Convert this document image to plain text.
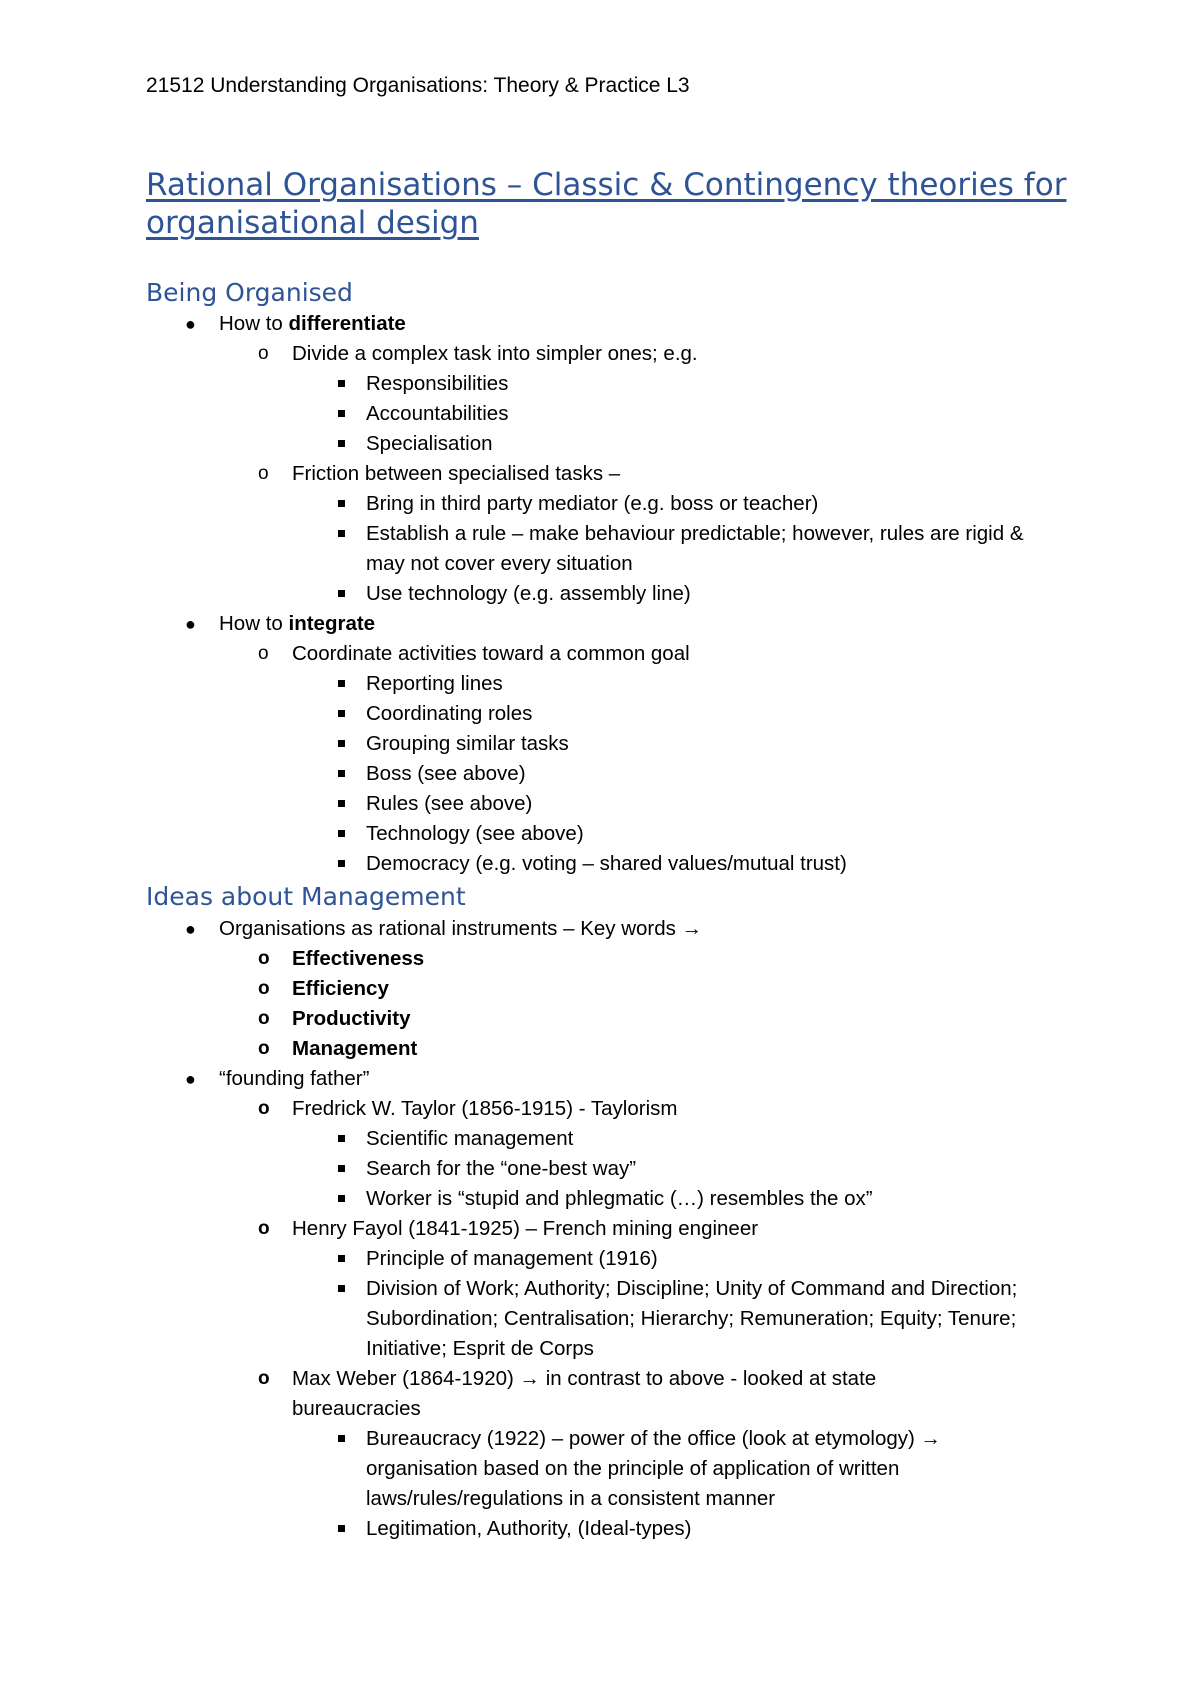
21512 Understanding Organisations: Theory & Practice L3
Rational Organisations – Classic & Contingency theories for organisational design
Being Organised
● How to differentiate
o Divide a complex task into simpler ones; e.g.
Responsibilities
Accountabilities
Specialisation
o Friction between specialised tasks –
Bring in third party mediator (e.g. boss or teacher)
Establish a rule – make behaviour predictable; however, rules are rigid & may not cover every situation
Use technology (e.g. assembly line)
● How to integrate
o Coordinate activities toward a common goal
Reporting lines
Coordinating roles
Grouping similar tasks
Boss (see above)
Rules (see above)
Technology (see above)
Democracy (e.g. voting – shared values/mutual trust)
Ideas about Management
● Organisations as rational instruments – Key words →
o Effectiveness
o Efficiency
o Productivity
o Management
● “founding father”
o Fredrick W. Taylor (1856-1915) - Taylorism
Scientific management
Search for the “one-best way”
Worker is “stupid and phlegmatic (…) resembles the ox”
o Henry Fayol (1841-1925) – French mining engineer
Principle of management (1916)
Division of Work; Authority; Discipline; Unity of Command and Direction; Subordination; Centralisation; Hierarchy; Remuneration; Equity; Tenure; Initiative; Esprit de Corps
o Max Weber (1864-1920) → in contrast to above - looked at state bureaucracies
Bureaucracy (1922) – power of the office (look at etymology) → organisation based on the principle of application of written laws/rules/regulations in a consistent manner
Legitimation, Authority, (Ideal-types)
